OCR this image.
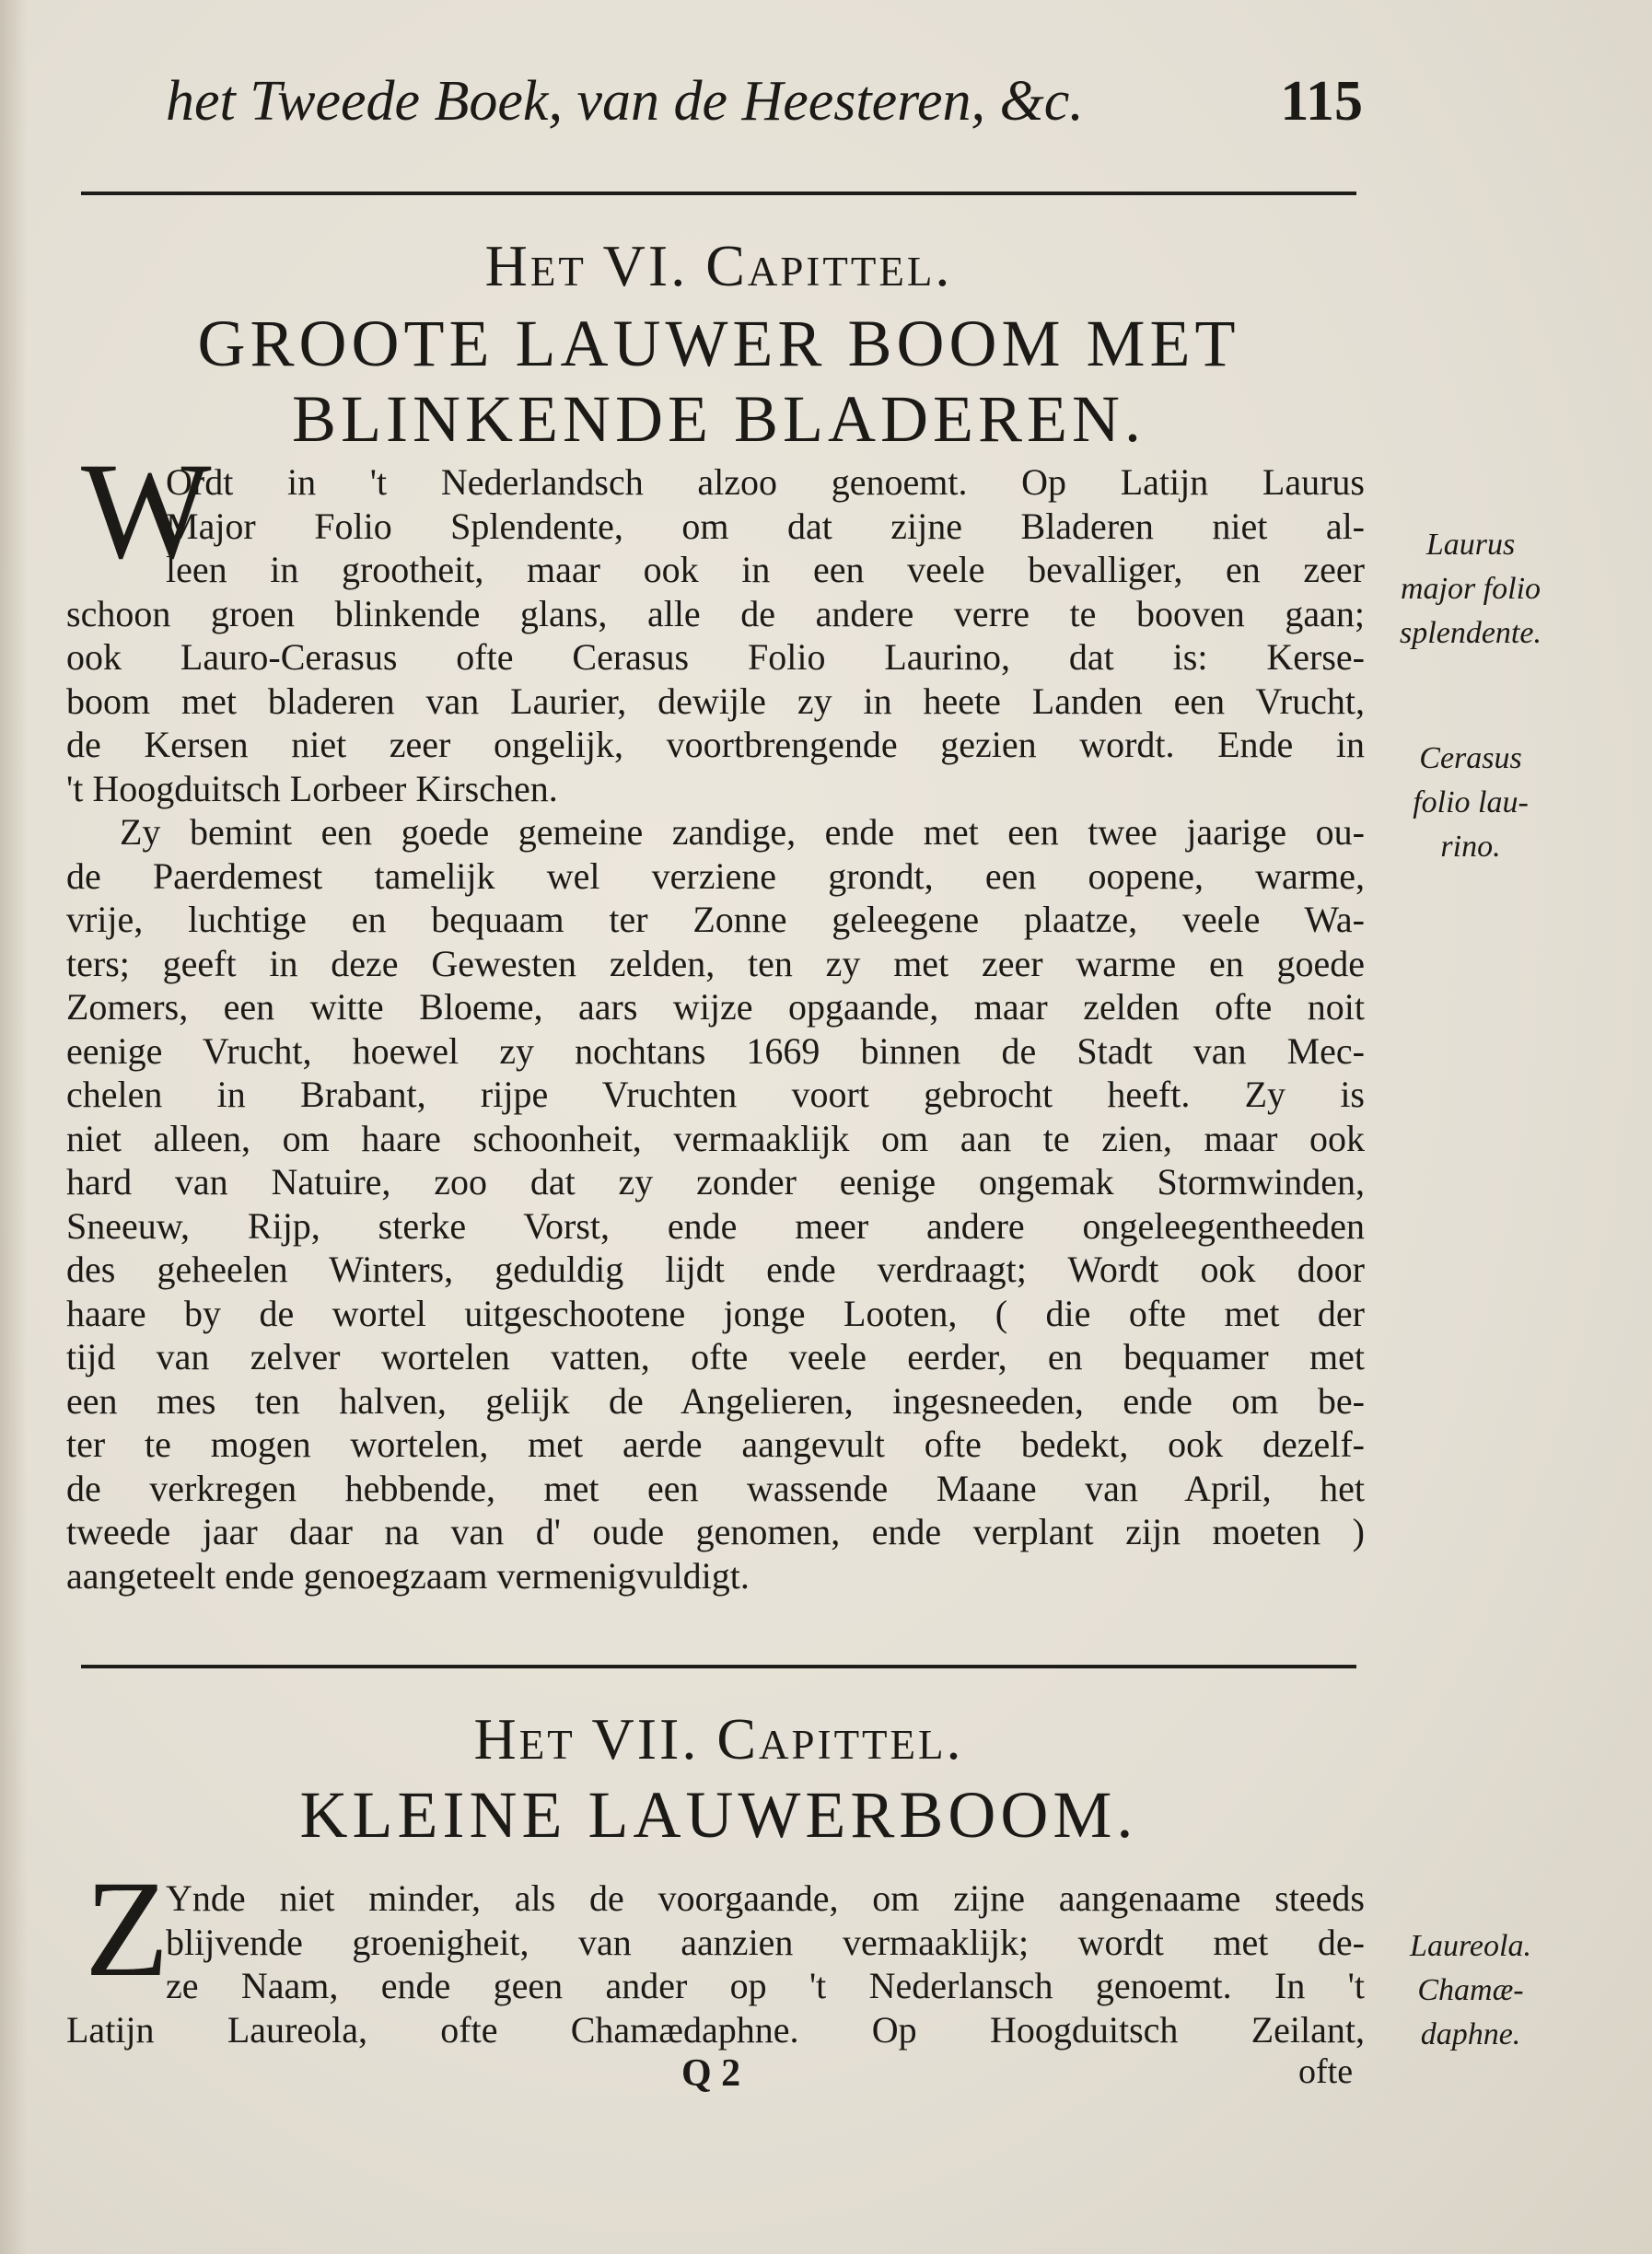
het Tweede Boek, van de Heesteren, &c.	115
Het VI. Capittel.
GROOTE LAUWER BOOM MET
BLINKENDE BLADEREN.
W
Ordt in 't Nederlandsch alzoo genoemt. Op Latijn Laurus
Major Folio Splendente, om dat zijne Bladeren niet al-
leen in grootheit, maar ook in een veele bevalliger, en zeer
schoon groen blinkende glans, alle de andere verre te booven gaan;
ook Lauro-Cerasus ofte Cerasus Folio Laurino, dat is: Kerse-
boom met bladeren van Laurier, dewijle zy in heete Landen een Vrucht,
de Kersen niet zeer ongelijk, voortbrengende gezien wordt. Ende in
't Hoogduitsch Lorbeer Kirschen.
Zy bemint een goede gemeine zandige, ende met een twee jaarige ou-
de Paerdemest tamelijk wel verziene grondt, een oopene, warme,
vrije, luchtige en bequaam ter Zonne geleegene plaatze, veele Wa-
ters; geeft in deze Gewesten zelden, ten zy met zeer warme en goede
Zomers, een witte Bloeme, aars wijze opgaande, maar zelden ofte noit
eenige Vrucht, hoewel zy nochtans 1669 binnen de Stadt van Mec-
chelen in Brabant, rijpe Vruchten voort gebrocht heeft. Zy is
niet alleen, om haare schoonheit, vermaaklijk om aan te zien, maar ook
hard van Natuire, zoo dat zy zonder eenige ongemak Stormwinden,
Sneeuw, Rijp, sterke Vorst, ende meer andere ongeleegentheeden
des geheelen Winters, geduldig lijdt ende verdraagt; Wordt ook door
haare by de wortel uitgeschootene jonge Looten, ( die ofte met der
tijd van zelver wortelen vatten, ofte veele eerder, en bequamer met
een mes ten halven, gelijk de Angelieren, ingesneeden, ende om be-
ter te mogen wortelen, met aerde aangevult ofte bedekt, ook dezelf-
de verkregen hebbende, met een wassende Maane van April, het
tweede jaar daar na van d' oude genomen, ende verplant zijn moeten )
aangeteelt ende genoegzaam vermenigvuldigt.
Laurus
major folio
splendente.
Cerasus
folio lau-
rino.
Het VII. Capittel.
KLEINE LAUWERBOOM.
Z
Ynde niet minder, als de voorgaande, om zijne aangenaame steeds
blijvende groenigheit, van aanzien vermaaklijk; wordt met de-
ze Naam, ende geen ander op 't Nederlansch genoemt. In 't
Latijn Laureola, ofte Chamædaphne. Op Hoogduitsch Zeilant,
Laureola.
Chamæ-
daphne.
Q 2	ofte
